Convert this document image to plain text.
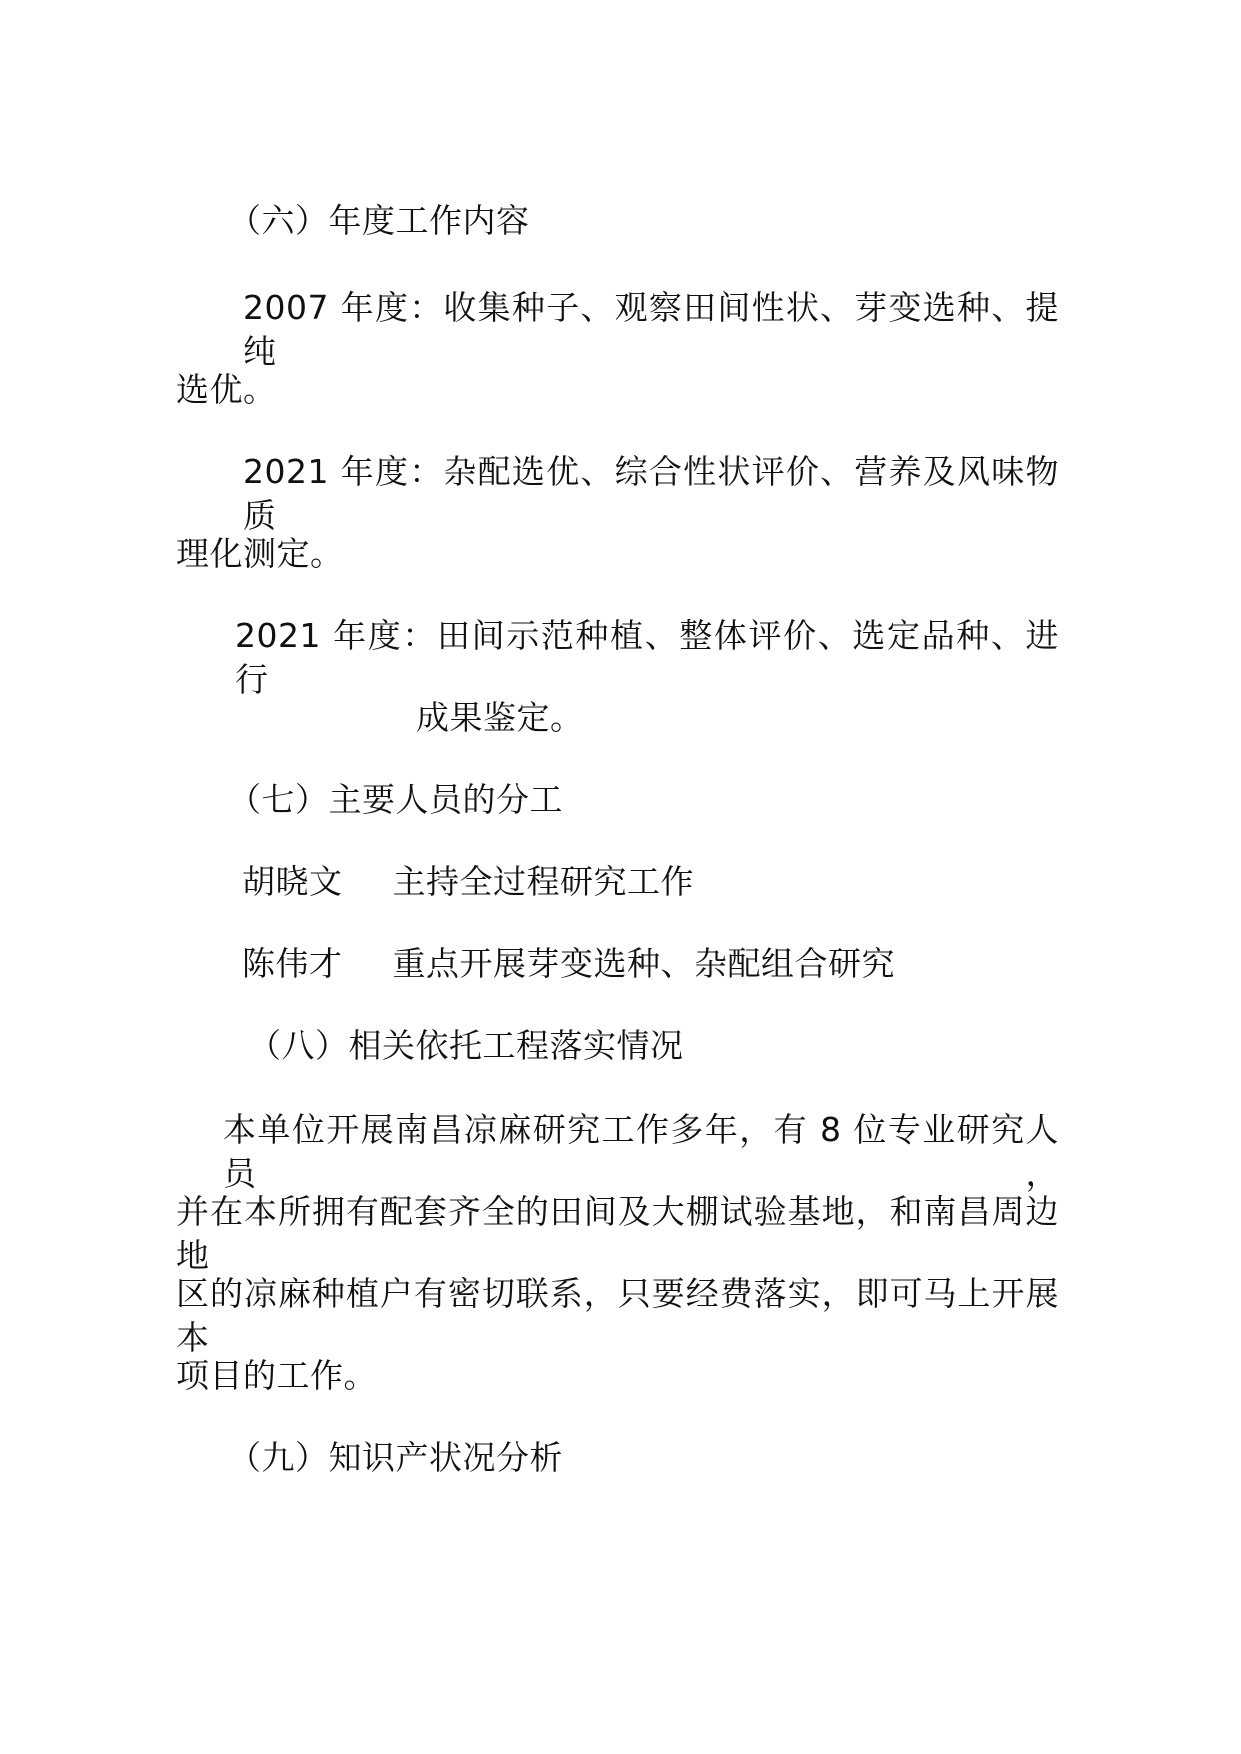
（六）年度工作内容
2007 年度：收集种子、观察田间性状、芽变选种、提纯
选优。
2021 年度：杂配选优、综合性状评价、营养及风味物质
理化测定。
2021 年度：田间示范种植、整体评价、选定品种、进行
成果鉴定。
（七）主要人员的分工
胡晓文 主持全过程研究工作
陈伟才 重点开展芽变选种、杂配组合研究
（八）相关依托工程落实情况
本单位开展南昌凉麻研究工作多年，有 8 位专业研究人员，
并在本所拥有配套齐全的田间及大棚试验基地，和南昌周边地
区的凉麻种植户有密切联系，只要经费落实，即可马上开展本
项目的工作。
（九）知识产状况分析
